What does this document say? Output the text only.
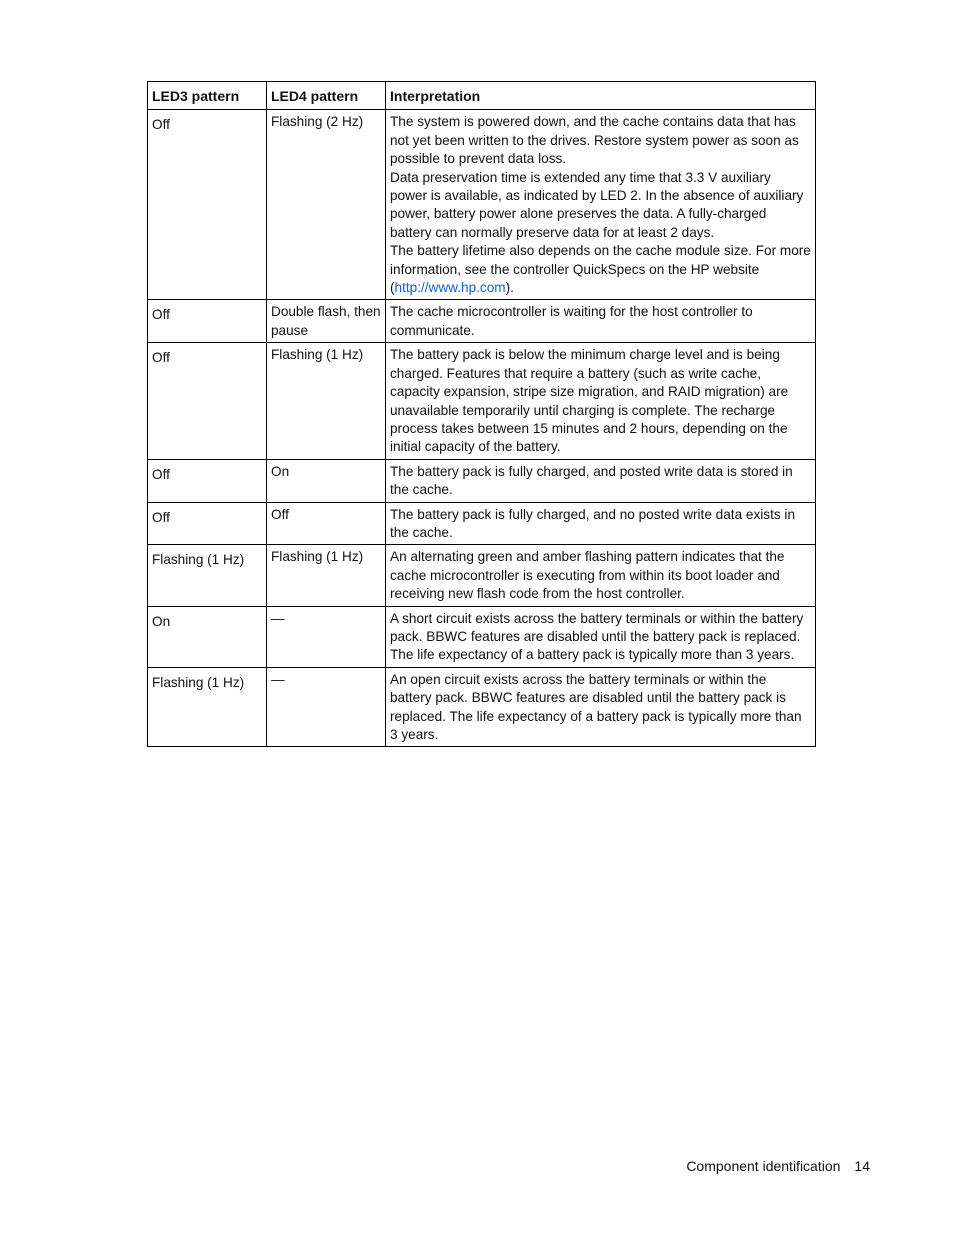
LED3 pattern	LED4 pattern	Interpretation
Off	Flashing (2 Hz)	The system is powered down, and the cache contains data that has not yet been written to the drives. Restore system power as soon as possible to prevent data loss.
Data preservation time is extended any time that 3.3 V auxiliary power is available, as indicated by LED 2. In the absence of auxiliary power, battery power alone preserves the data. A fully-charged battery can normally preserve data for at least 2 days.
The battery lifetime also depends on the cache module size. For more information, see the controller QuickSpecs on the HP website (http://www.hp.com).

Off	Double flash, then pause	The cache microcontroller is waiting for the host controller to communicate.
Off	Flashing (1 Hz)	The battery pack is below the minimum charge level and is being charged. Features that require a battery (such as write cache, capacity expansion, stripe size migration, and RAID migration) are unavailable temporarily until charging is complete. The recharge process takes between 15 minutes and 2 hours, depending on the initial capacity of the battery.
Off	On	The battery pack is fully charged, and posted write data is stored in the cache.
Off	Off	The battery pack is fully charged, and no posted write data exists in the cache.
Flashing (1 Hz)	Flashing (1 Hz)	An alternating green and amber flashing pattern indicates that the cache microcontroller is executing from within its boot loader and receiving new flash code from the host controller.
On	—	A short circuit exists across the battery terminals or within the battery pack. BBWC features are disabled until the battery pack is replaced. The life expectancy of a battery pack is typically more than 3 years.
Flashing (1 Hz)	—	An open circuit exists across the battery terminals or within the battery pack. BBWC features are disabled until the battery pack is replaced. The life expectancy of a battery pack is typically more than 3 years.
Component identification 14
